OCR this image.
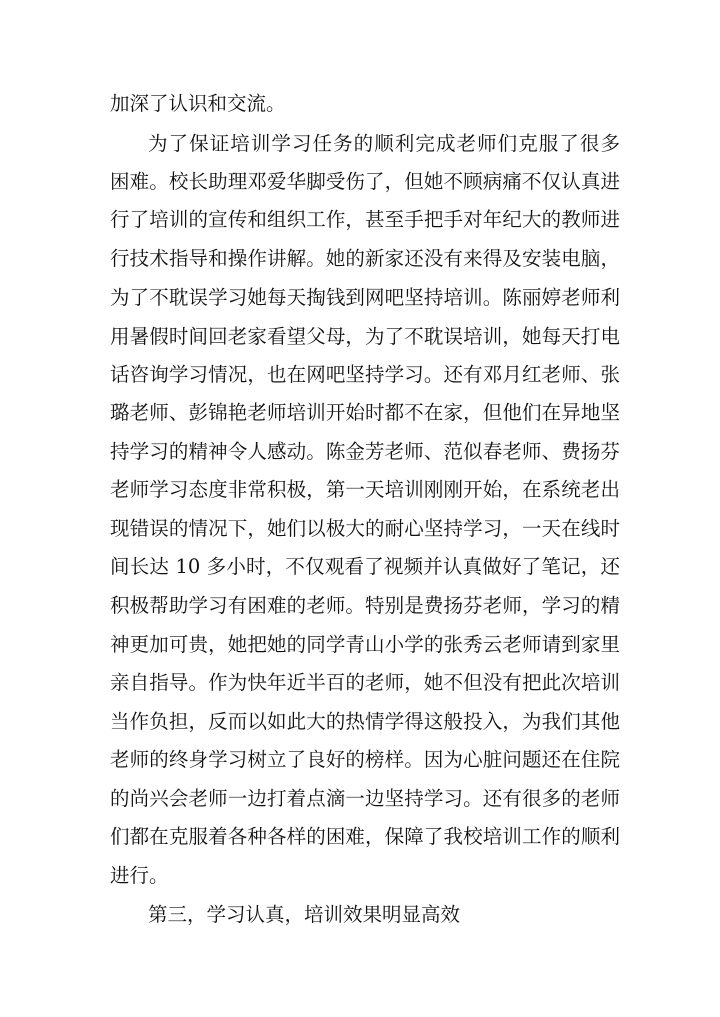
加深了认识和交流。
为了保证培训学习任务的顺利完成老师们克服了很多
困难。校长助理邓爱华脚受伤了，但她不顾病痛不仅认真进
行了培训的宣传和组织工作，甚至手把手对年纪大的教师进
行技术指导和操作讲解。她的新家还没有来得及安装电脑，
为了不耽误学习她每天掏钱到网吧坚持培训。陈丽婷老师利
用暑假时间回老家看望父母，为了不耽误培训，她每天打电
话咨询学习情况，也在网吧坚持学习。还有邓月红老师、张
璐老师、彭锦艳老师培训开始时都不在家，但他们在异地坚
持学习的精神令人感动。陈金芳老师、范似春老师、费扬芬
老师学习态度非常积极，第一天培训刚刚开始，在系统老出
现错误的情况下，她们以极大的耐心坚持学习，一天在线时
间长达 10 多小时，不仅观看了视频并认真做好了笔记，还
积极帮助学习有困难的老师。特别是费扬芬老师，学习的精
神更加可贵，她把她的同学青山小学的张秀云老师请到家里
亲自指导。作为快年近半百的老师，她不但没有把此次培训
当作负担，反而以如此大的热情学得这般投入，为我们其他
老师的终身学习树立了良好的榜样。因为心脏问题还在住院
的尚兴会老师一边打着点滴一边坚持学习。还有很多的老师
们都在克服着各种各样的困难，保障了我校培训工作的顺利
进行。
第三，学习认真，培训效果明显高效
